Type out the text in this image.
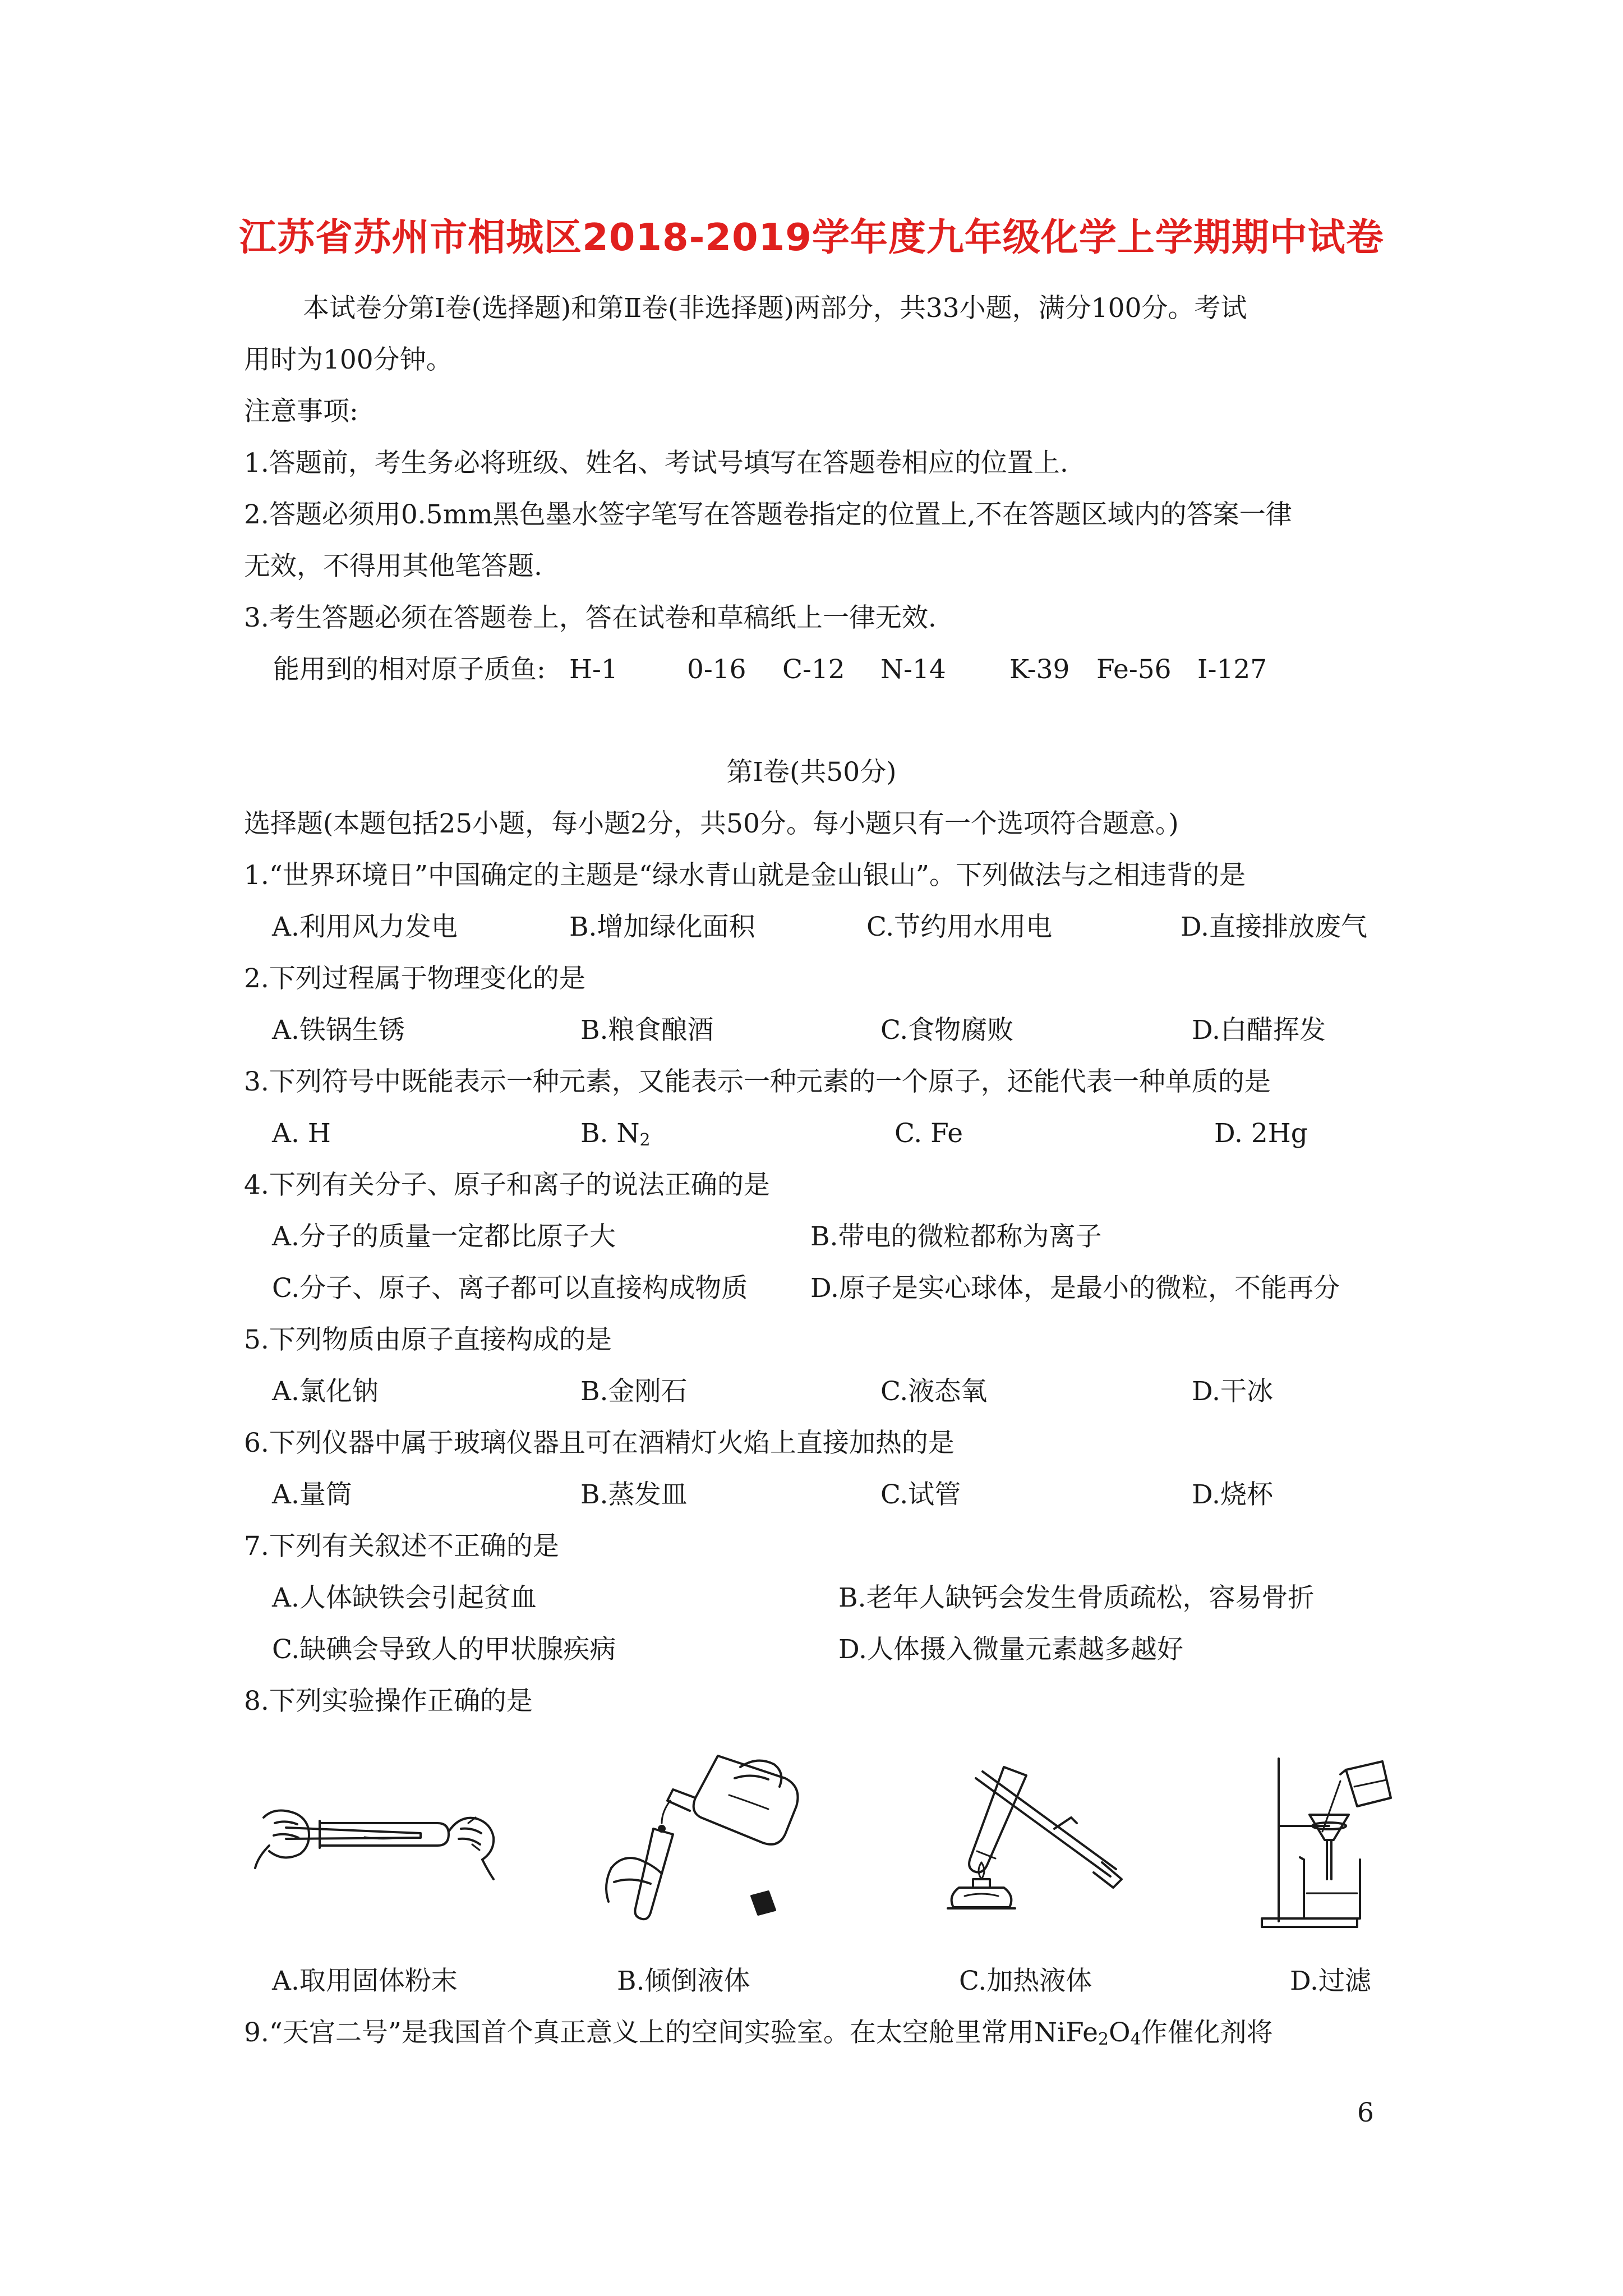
江苏省苏州市相城区2018-2019学年度九年级化学上学期期中试卷
本试卷分第Ⅰ卷(选择题)和第Ⅱ卷(非选择题)两部分，共33小题，满分100分。考试
用时为100分钟。
注意事项:
1.答题前，考生务必将班级、姓名、考试号填写在答题卷相应的位置上.
2.答题必须用0.5mm黑色墨水签字笔写在答题卷指定的位置上,不在答题区域内的答案一律
无效，不得用其他笔答题.
3.考生答题必须在答题卷上，答在试卷和草稿纸上一律无效.
能用到的相对原子质鱼: H-1	0-16 C-12 N-14 K-39 Fe-56 I-127
第Ⅰ卷(共50分)
选择题(本题包括25小题，每小题2分，共50分。每小题只有一个选项符合题意。)
1.“世界环境日”中国确定的主题是“绿水青山就是金山银山”。下列做法与之相违背的是
A.利用风力发电	B.增加绿化面积	C.节约用水用电	D.直接排放废气
2.下列过程属于物理变化的是
A.铁锅生锈	B.粮食酿酒	C.食物腐败	D.白醋挥发
3.下列符号中既能表示一种元素，又能表示一种元素的一个原子，还能代表一种单质的是
A. H	B. $N_2$	C. Fe	D. 2Hg
4.下列有关分子、原子和离子的说法正确的是
A.分子的质量一定都比原子大	B.带电的微粒都称为离子
C.分子、原子、离子都可以直接构成物质 D.原子是实心球体，是最小的微粒，不能再分
5.下列物质由原子直接构成的是
A.氯化钠	B.金刚石	C.液态氧	D.干冰
6.下列仪器中属于玻璃仪器且可在酒精灯火焰上直接加热的是
A.量筒	B.蒸发皿	C.试管	D.烧杯
7.下列有关叙述不正确的是
A.人体缺铁会引起贫血	B.老年人缺钙会发生骨质疏松，容易骨折
C.缺碘会导致人的甲状腺疾病	D.人体摄入微量元素越多越好
8.下列实验操作正确的是
A.取用固体粉末	B.倾倒液体	C.加热液体	D.过滤
9.“天宫二号”是我国首个真正意义上的空间实验室。在太空舱里常用$NiFe_2O_4$作催化剂将
6
